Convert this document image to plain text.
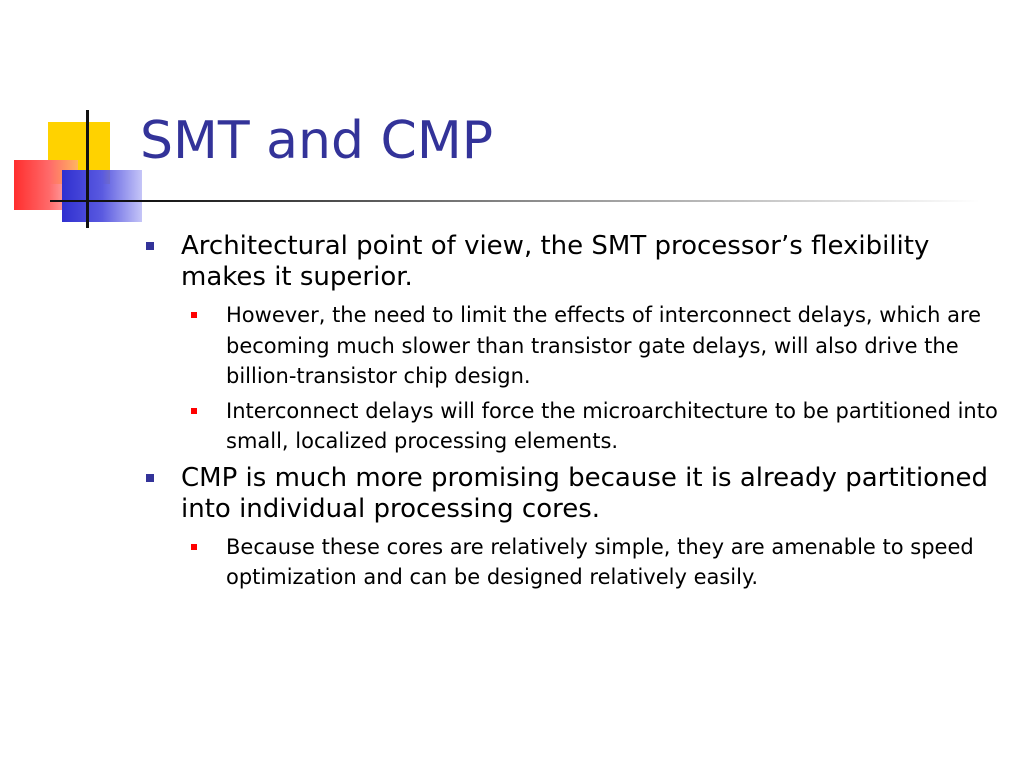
SMT and CMP
Architectural point of view, the SMT processor’s flexibility makes it superior.
However, the need to limit the effects of interconnect delays, which are becoming much slower than transistor gate delays, will also drive the billion-transistor chip design.
Interconnect delays will force the microarchitecture to be partitioned into small, localized processing elements.
CMP is much more promising because it is already partitioned into individual processing cores.
Because these cores are relatively simple, they are amenable to speed optimization and can be designed relatively easily.
